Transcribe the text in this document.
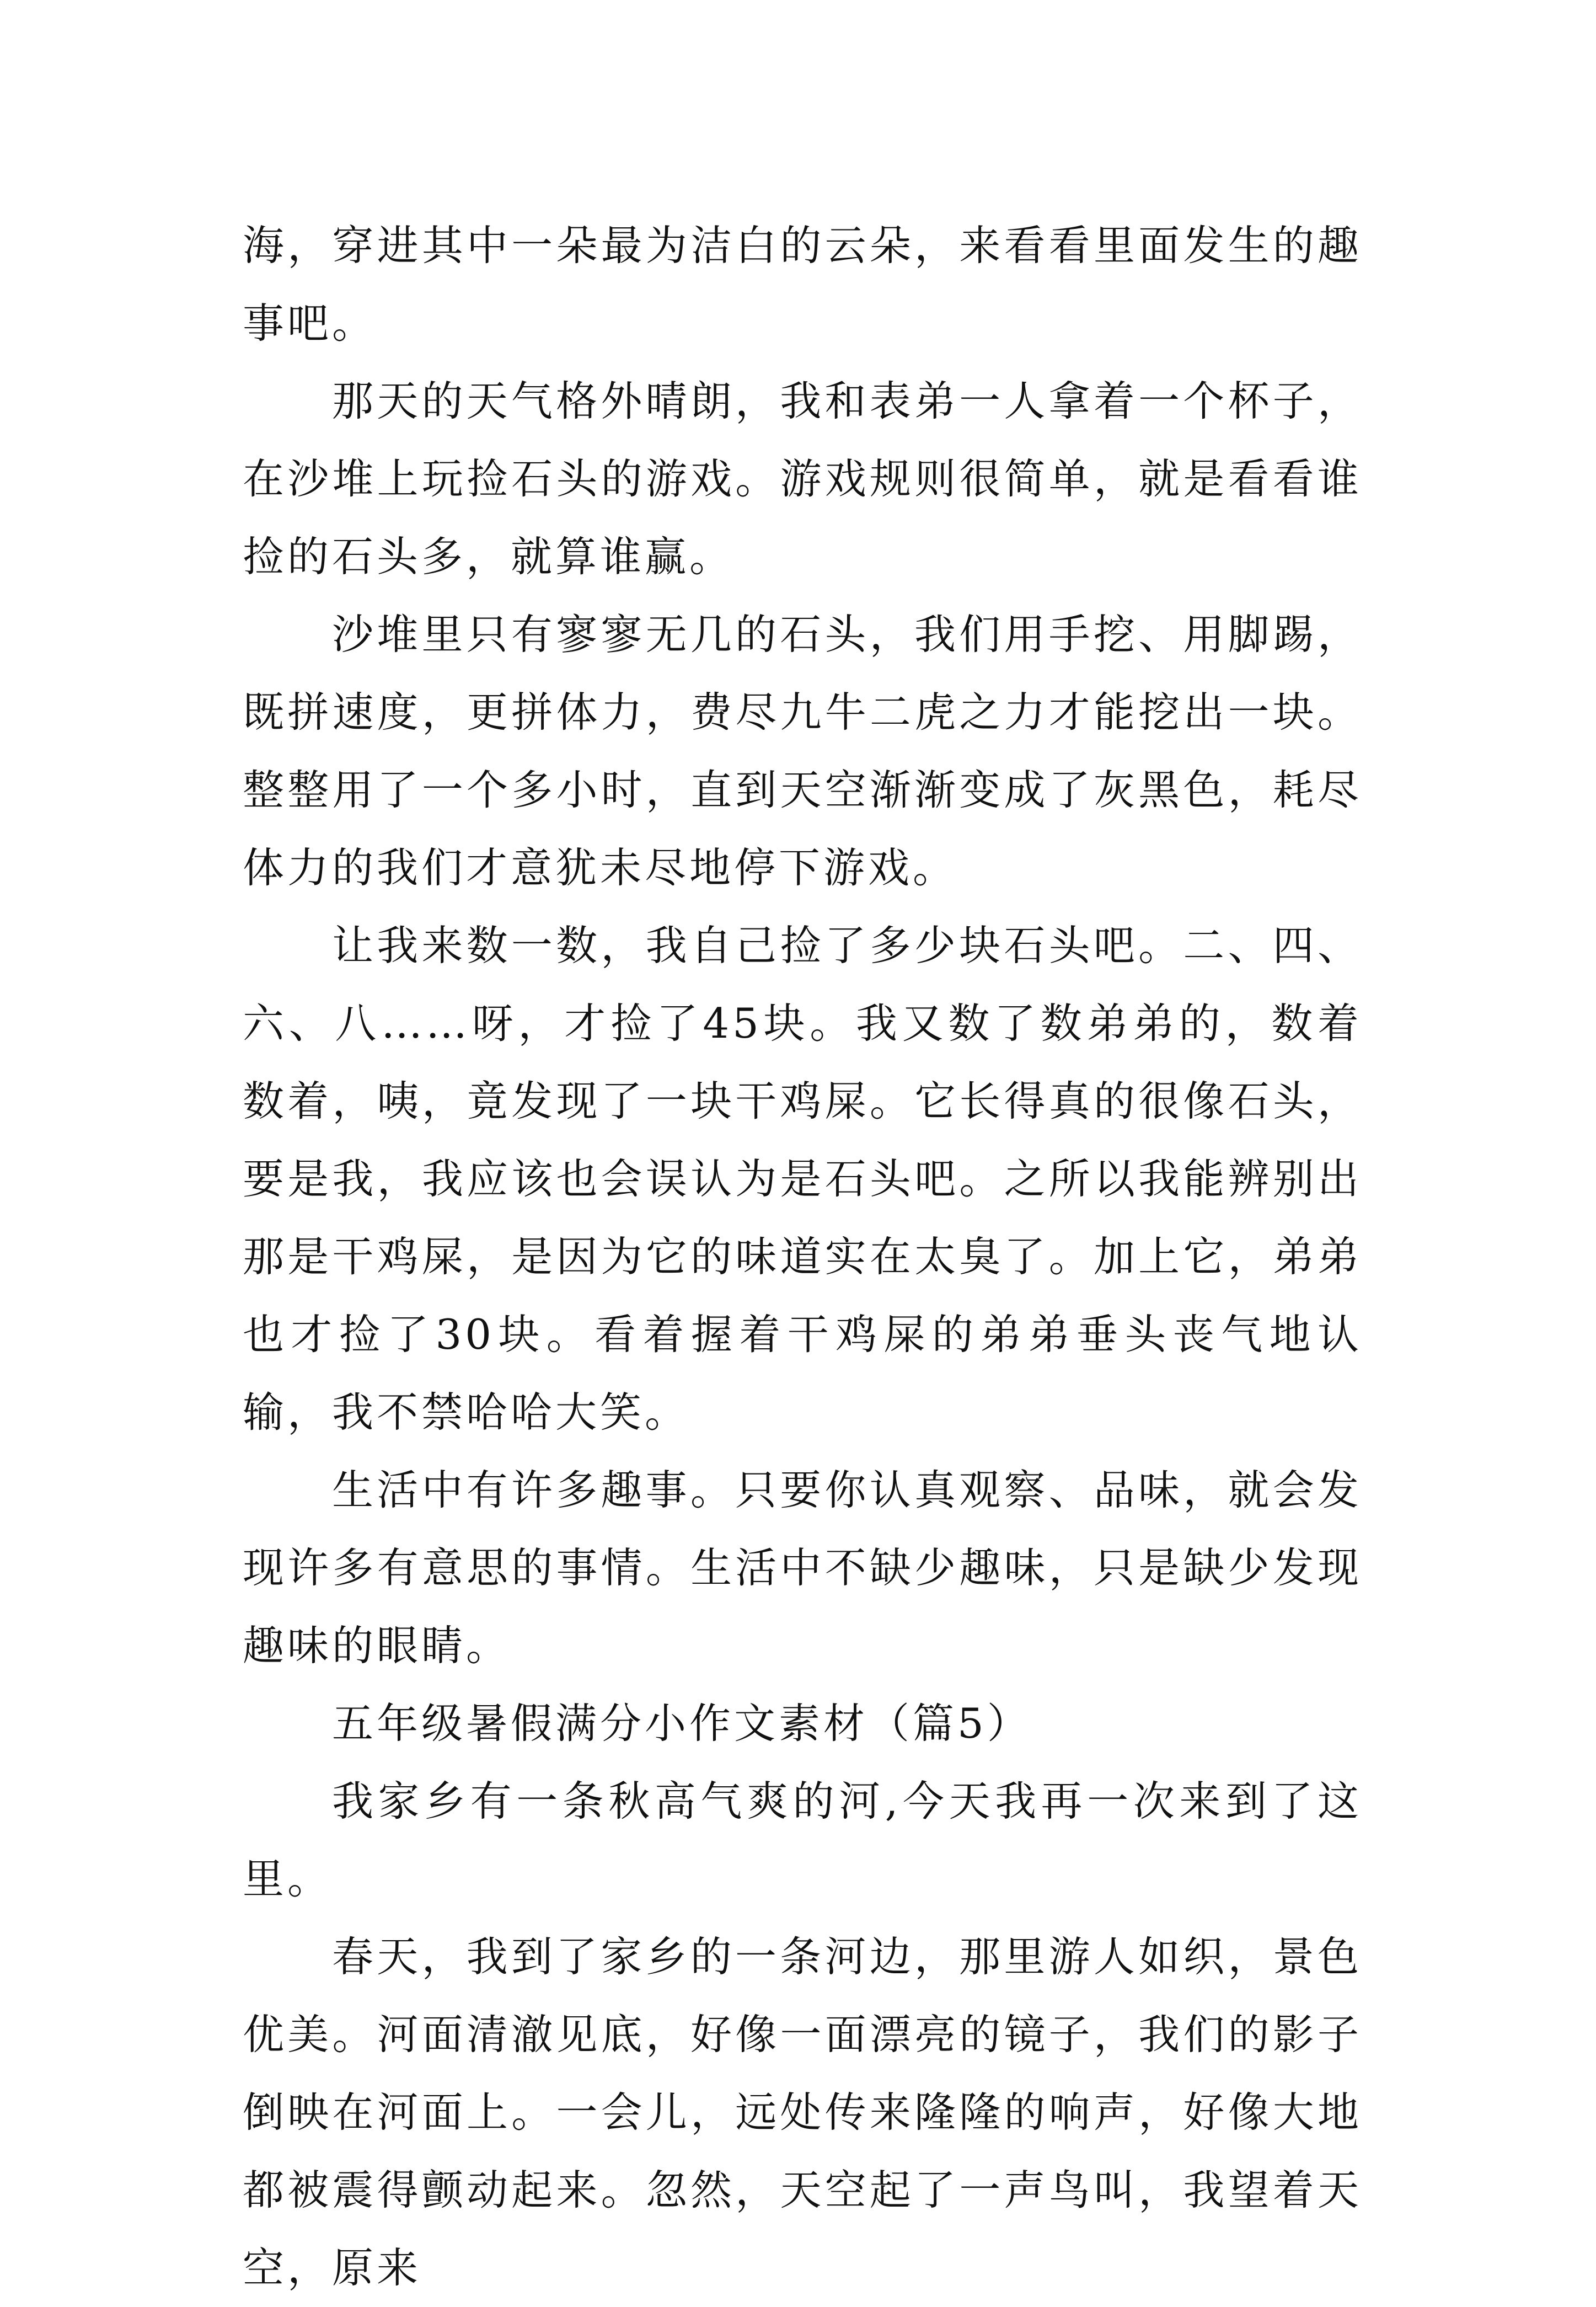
海，穿进其中一朵最为洁白的云朵，来看看里面发生的趣事吧。

那天的天气格外晴朗，我和表弟一人拿着一个杯子，在沙堆上玩捡石头的游戏。游戏规则很简单，就是看看谁捡的石头多，就算谁赢。

沙堆里只有寥寥无几的石头，我们用手挖、用脚踢，既拼速度，更拼体力，费尽九牛二虎之力才能挖出一块。整整用了一个多小时，直到天空渐渐变成了灰黑色，耗尽体力的我们才意犹未尽地停下游戏。

让我来数一数，我自己捡了多少块石头吧。二、四、六、八……呀，才捡了45块。我又数了数弟弟的，数着数着，咦，竟发现了一块干鸡屎。它长得真的很像石头，要是我，我应该也会误认为是石头吧。之所以我能辨别出那是干鸡屎，是因为它的味道实在太臭了。加上它，弟弟也才捡了30块。看着握着干鸡屎的弟弟垂头丧气地认输，我不禁哈哈大笑。

生活中有许多趣事。只要你认真观察、品味，就会发现许多有意思的事情。生活中不缺少趣味，只是缺少发现趣味的眼睛。

五年级暑假满分小作文素材（篇5）

我家乡有一条秋高气爽的河,今天我再一次来到了这里。

春天，我到了家乡的一条河边，那里游人如织，景色优美。河面清澈见底，好像一面漂亮的镜子，我们的影子倒映在河面上。一会儿，远处传来隆隆的响声，好像大地都被震得颤动起来。忽然，天空起了一声鸟叫，我望着天空，原来
